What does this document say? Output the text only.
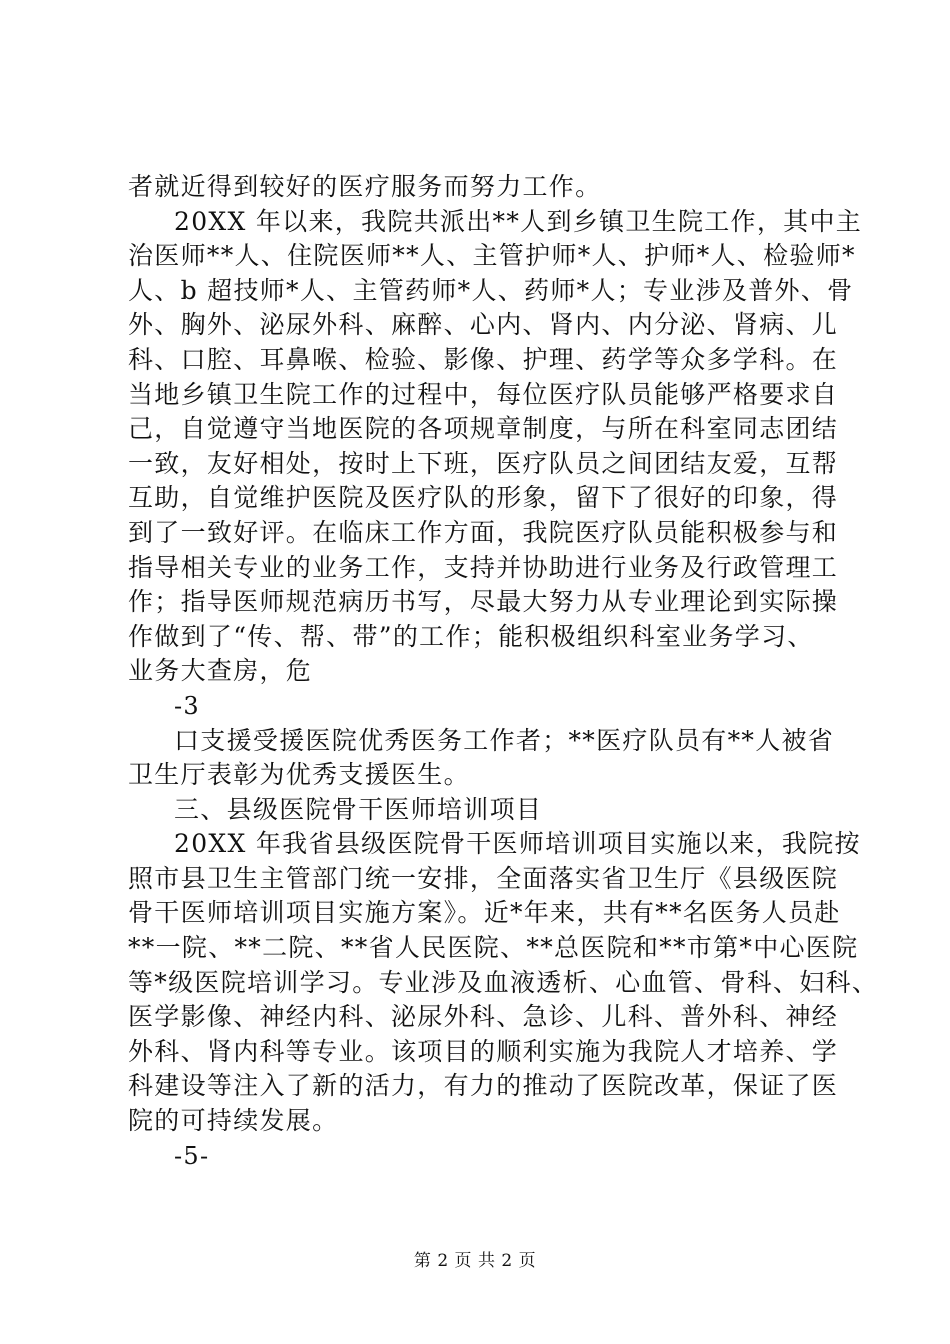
者就近得到较好的医疗服务而努力工作。
20XX 年以来，我院共派出**人到乡镇卫生院工作，其中主
治医师**人、住院医师**人、主管护师*人、护师*人、检验师*
人、b 超技师*人、主管药师*人、药师*人；专业涉及普外、骨
外、胸外、泌尿外科、麻醉、心内、肾内、内分泌、肾病、儿
科、口腔、耳鼻喉、检验、影像、护理、药学等众多学科。在
当地乡镇卫生院工作的过程中，每位医疗队员能够严格要求自
己，自觉遵守当地医院的各项规章制度，与所在科室同志团结
一致，友好相处，按时上下班，医疗队员之间团结友爱，互帮
互助，自觉维护医院及医疗队的形象，留下了很好的印象，得
到了一致好评。在临床工作方面，我院医疗队员能积极参与和
指导相关专业的业务工作，支持并协助进行业务及行政管理工
作；指导医师规范病历书写，尽最大努力从专业理论到实际操
作做到了“传、帮、带”的工作；能积极组织科室业务学习、
业务大查房，危
-3
口支援受援医院优秀医务工作者；**医疗队员有**人被省
卫生厅表彰为优秀支援医生。
三、县级医院骨干医师培训项目
20XX 年我省县级医院骨干医师培训项目实施以来，我院按
照市县卫生主管部门统一安排，全面落实省卫生厅《县级医院
骨干医师培训项目实施方案》。近*年来，共有**名医务人员赴
**一院、**二院、**省人民医院、**总医院和**市第*中心医院
等*级医院培训学习。专业涉及血液透析、心血管、骨科、妇科、
医学影像、神经内科、泌尿外科、急诊、儿科、普外科、神经
外科、肾内科等专业。该项目的顺利实施为我院人才培养、学
科建设等注入了新的活力，有力的推动了医院改革，保证了医
院的可持续发展。
-5-
第 2 页 共 2 页
